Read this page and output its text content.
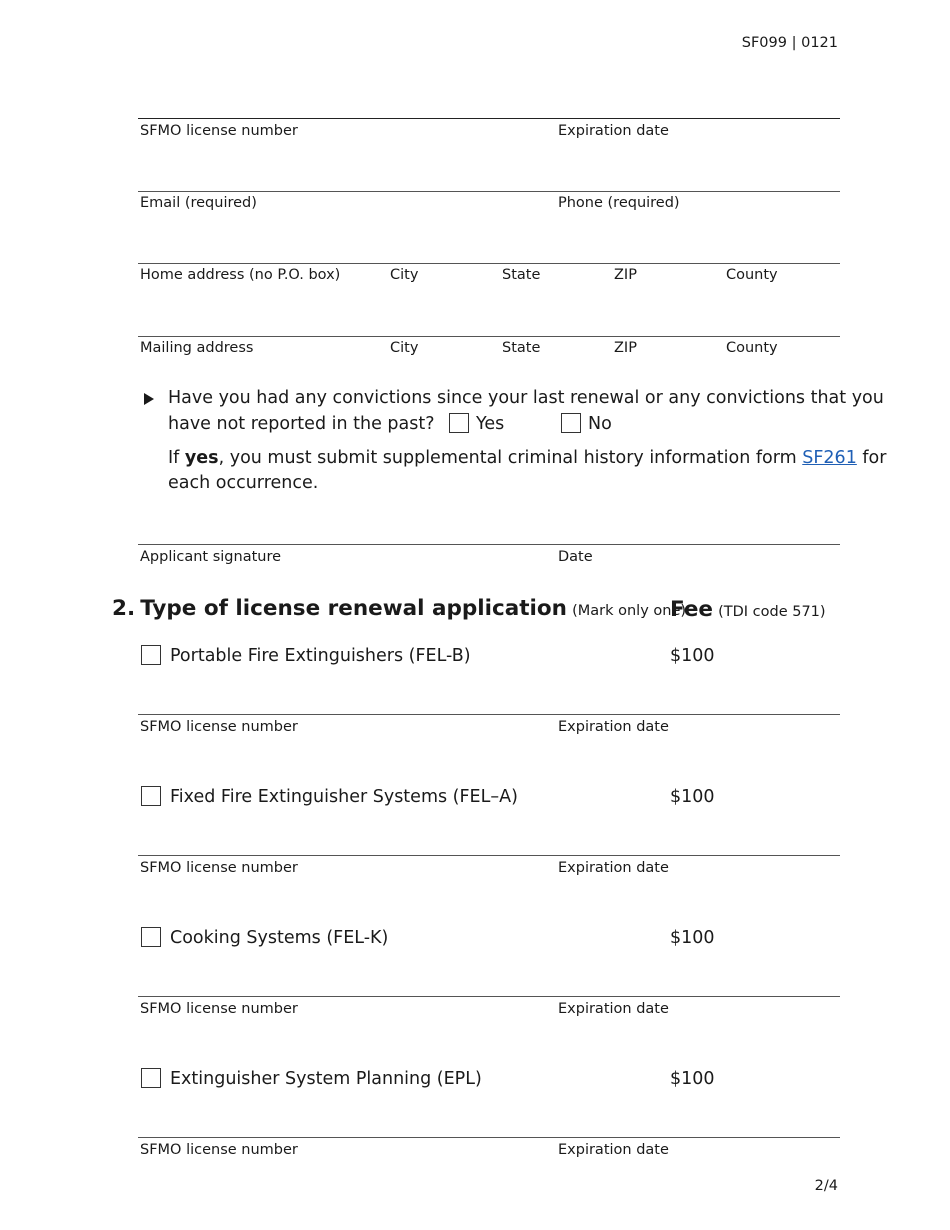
SF099 | 0121
SFMO license number	Expiration date
Email (required)	Phone (required)
Home address (no P.O. box)	City	State	ZIP	County
Mailing address	City	State	ZIP	County
Have you had any convictions since your last renewal or any convictions that you
have not reported in the past? Yes	No
If yes, you must submit supplemental criminal history information form SF261 for
each occurrence.
Applicant signature	Date
2. Type of license renewal application (Mark only one)
Fee (TDI code 571)
Portable Fire Extinguishers (FEL-B)	$100
SFMO license number	Expiration date
Fixed Fire Extinguisher Systems (FEL–A)	$100
SFMO license number	Expiration date
Cooking Systems (FEL-K)	$100
SFMO license number	Expiration date
Extinguisher System Planning (EPL)	$100
SFMO license number	Expiration date
2/4
